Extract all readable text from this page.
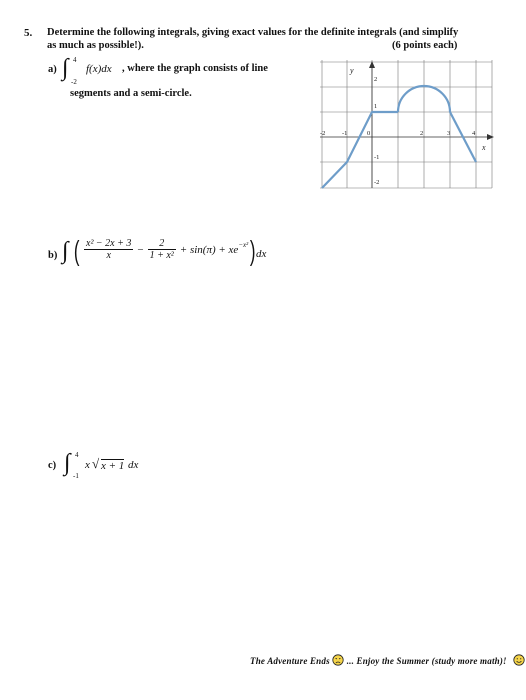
5. Determine the following integrals, giving exact values for the definite integrals (and simplify
as much as possible!).	(6 points each)
a) ∫ 4
-2
f(x)dx , where the graph consists of line
segments and a semi-circle.
y
x
-2	-1	0	2	3	4
2
1
-1
-2
b) ∫ ( $\frac{\text{x² − 2x + 3}}{x} - \frac{2}{\text{1 + x²}} + \sin(\pi) + xe^{-x^2}$ ) dx
c) ∫ 4
-1
x √ x + 1 dx
The Adventure Ends ... Enjoy the Summer (study more math)!
